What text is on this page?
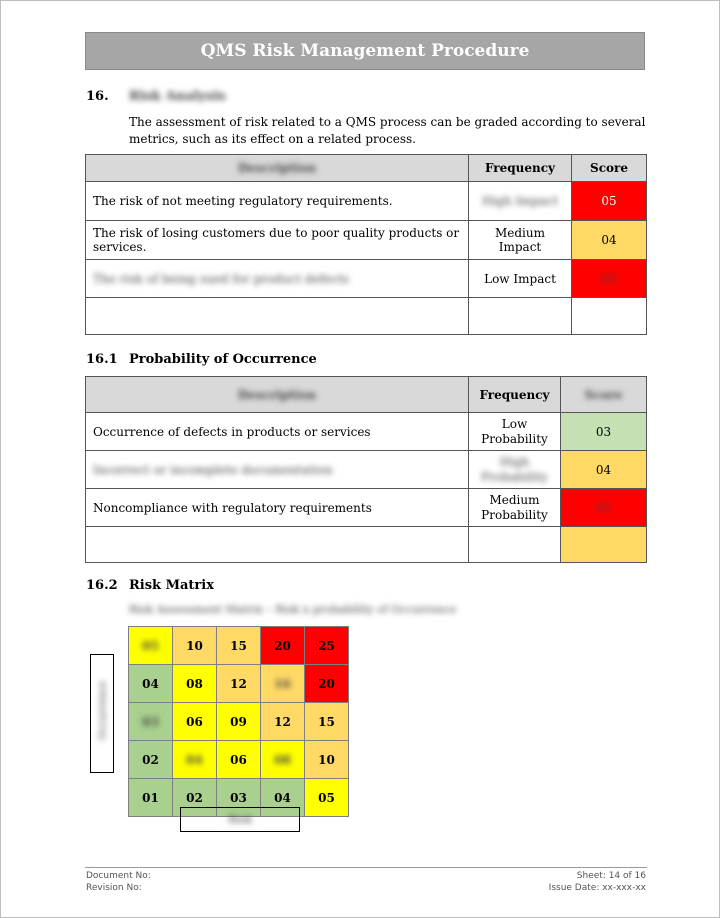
QMS Risk Management Procedure
16. Risk Analysis
The assessment of risk related to a QMS process can be graded according to several metrics, such as its effect on a related process.
Description	Frequency	Score
The risk of not meeting regulatory requirements.	High Impact	05
The risk of losing customers due to poor quality products or services.	Medium Impact	04
The risk of being sued for product defects	Low Impact	03

16.1 Probability of Occurrence
Description	Frequency	Score
Occurrence of defects in products or services	Low Probability	03
Incorrect or incomplete documentation	High Probability	04
Noncompliance with regulatory requirements	Medium Probability	05

16.2 Risk Matrix
Risk Assessment Matrix – Risk x probability of Occurrence
Occurrence
05	10	15	20	25
04	08	12	16	20
03	06	09	12	15
02	04	06	08	10
01	02	03	04	05
Risk
Document No:
Revision No:
Sheet: 14 of 16
Issue Date: xx-xxx-xx
